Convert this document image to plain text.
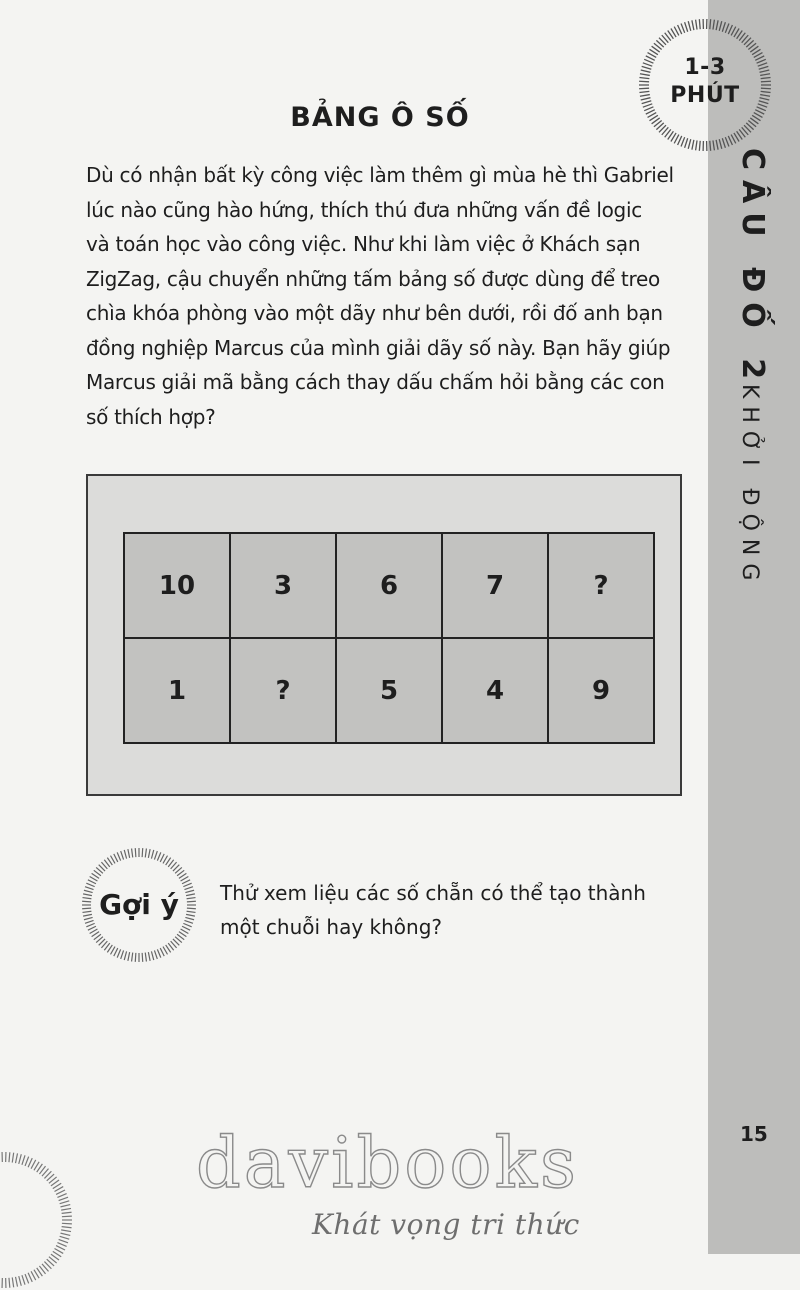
1-3
PHÚT
CÂU ĐỐ 2
KHỞI ĐỘNG
15
BẢNG Ô SỐ
Dù có nhận bất kỳ công việc làm thêm gì mùa hè thì Gabriel
lúc nào cũng hào hứng, thích thú đưa những vấn đề logic
và toán học vào công việc. Như khi làm việc ở Khách sạn
ZigZag, cậu chuyển những tấm bảng số được dùng để treo
chìa khóa phòng vào một dãy như bên dưới, rồi đố anh bạn
đồng nghiệp Marcus của mình giải dãy số này. Bạn hãy giúp
Marcus giải mã bằng cách thay dấu chấm hỏi bằng các con
số thích hợp?
10	3	6	7	?
1	?	5	4	9
Gợi ý	Thử xem liệu các số chẵn có thể tạo thành
một chuỗi hay không?
davibooks
Khát vọng tri thức
